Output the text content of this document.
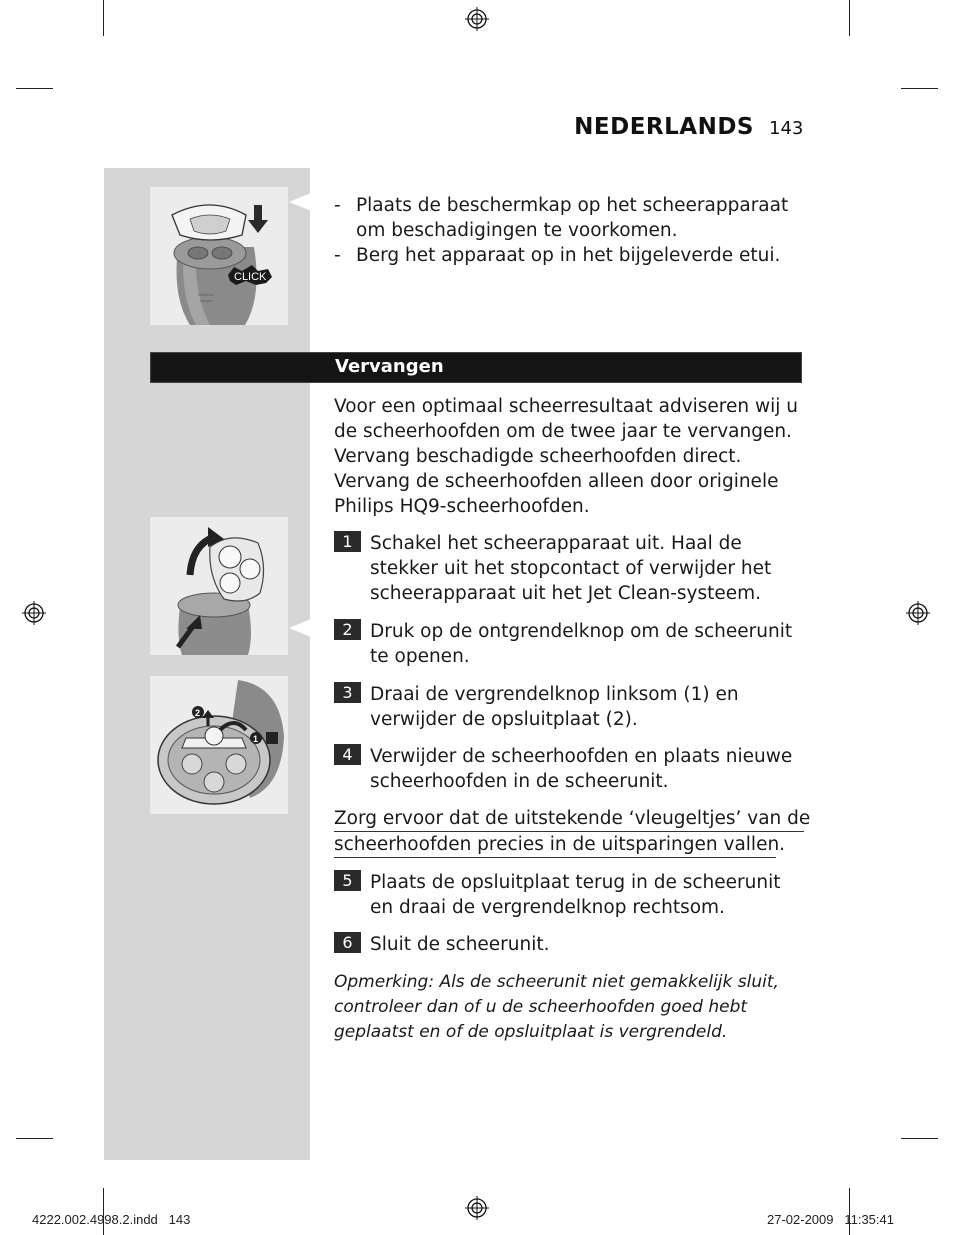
NEDERLANDS 143
CLICK
- Plaats de beschermkap op het scheerapparaat om beschadigingen te voorkomen.
- Berg het apparaat op in het bijgeleverde etui.
Vervangen
Voor een optimaal scheerresultaat adviseren wij u de scheerhoofden om de twee jaar te vervangen. Vervang beschadigde scheerhoofden direct. Vervang de scheerhoofden alleen door originele Philips HQ9-scheerhoofden.
2
1
1 Schakel het scheerapparaat uit. Haal de stekker uit het stopcontact of verwijder het scheerapparaat uit het Jet Clean-systeem.
2 Druk op de ontgrendelknop om de scheerunit te openen.
3 Draai de vergrendelknop linksom (1) en verwijder de opsluitplaat (2).
4 Verwijder de scheerhoofden en plaats nieuwe scheerhoofden in de scheerunit.
Zorg ervoor dat de uitstekende ‘vleugeltjes’ van de
scheerhoofden precies in de uitsparingen vallen.
5 Plaats de opsluitplaat terug in de scheerunit en draai de vergrendelknop rechtsom.
6 Sluit de scheerunit.
Opmerking: Als de scheerunit niet gemakkelijk sluit, controleer dan of u de scheerhoofden goed hebt geplaatst en of de opsluitplaat is vergrendeld.
4222.002.4998.2.indd   143	27-02-2009   11:35:41
